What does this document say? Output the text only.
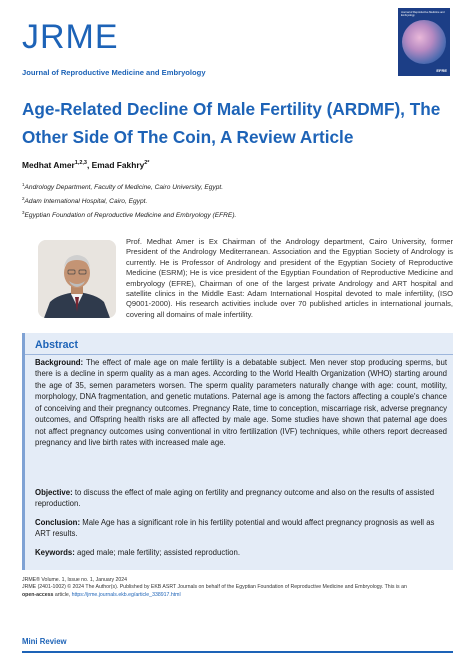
JRME
Journal of Reproductive Medicine and Embryology
Journal of Reproductive Medicine and Embryology
EFRE
Age-Related Decline Of Male Fertility (ARDMF), The Other Side Of The Coin, A Review Article
Medhat Amer$^{1,2,3}$, Emad Fakhry$^{2*}$
$^1$Andrology Department, Faculty of Medicine, Cairo University, Egypt.
$^2$Adam International Hospital, Cairo, Egypt.
$^3$Egyptian Foundation of Reproductive Medicine and Embryology (EFRE).
Prof. Medhat Amer is Ex Chairman of the Andrology department, Cairo University, former President of the Andrology Mediterranean. Association and the Egyptian Society of Andrology is currently. He is Professor of Andrology and president of the Egyptian Society of Reproductive Medicine (ESRM); He is vice president of the Egyptian Foundation of Reproductive Medicine and embryology (EFRE), Chairman of one of the largest private Andrology and ART hospital and satellite clinics in the Middle East: Adam International Hospital devoted to male infertility, (ISO Q9001-2000). His research activities include over 70 published articles in international journals, covering all domains of male infertility.
Abstract
Background: The effect of male age on male fertility is a debatable subject. Men never stop producing sperms, but there is a decline in sperm quality as a man ages. According to the World Health Organization (WHO) starting around the age of 35, semen parameters worsen. The sperm quality parameters naturally change with age: count, motility, morphology, DNA fragmentation, and genetic mutations. Paternal age is among the factors affecting a couple's chance of conceiving and their pregnancy outcomes. Pregnancy Rate, time to conception, miscarriage risk, adverse pregnancy outcomes, and Offspring health risks are all affected by male age. Some studies have shown that paternal age does not affect pregnancy outcomes using conventional in vitro fertilization (IVF) techniques, while others report decreased pregnancy and live birth rates with increased male age.
Objective: to discuss the effect of male aging on fertility and pregnancy outcome and also on the results of assisted reproduction.
Conclusion: Male Age has a significant role in his fertility potential and would affect pregnancy prognosis as well as ART results.
Keywords: aged male; male fertility; assisted reproduction.
JRME® Volume. 1, Issue no. 1, January 2024
JRME (2401-1002) © 2024 The Author(s). Published by EKB ASRT Journals on behalf of the Egyptian Foundation of Reproductive Medicine and Embryology. This is an
open-access article, https://jrme.journals.ekb.eg/article_338917.html
Mini Review
